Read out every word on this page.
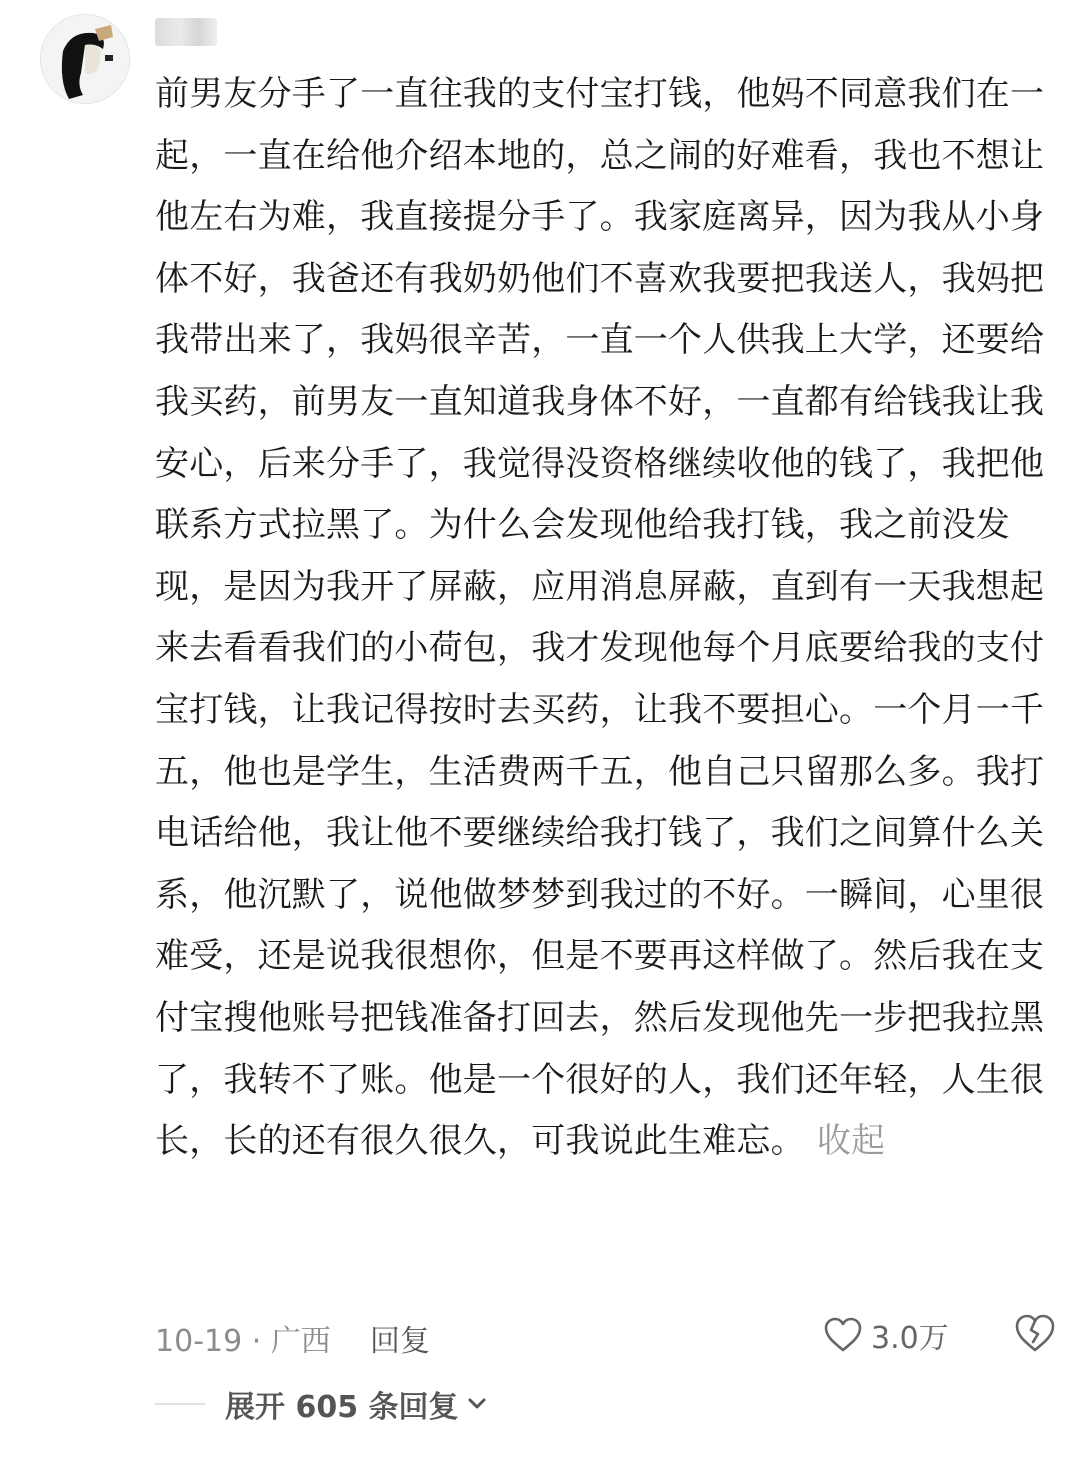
前男友分手了一直往我的支付宝打钱，他妈不同意我们在一起，一直在给他介绍本地的，总之闹的好难看，我也不想让他左右为难，我直接提分手了。我家庭离异，因为我从小身体不好，我爸还有我奶奶他们不喜欢我要把我送人，我妈把我带出来了，我妈很辛苦，一直一个人供我上大学，还要给我买药，前男友一直知道我身体不好，一直都有给钱我让我安心，后来分手了，我觉得没资格继续收他的钱了，我把他联系方式拉黑了。为什么会发现他给我打钱，我之前没发现，是因为我开了屏蔽，应用消息屏蔽，直到有一天我想起来去看看我们的小荷包，我才发现他每个月底要给我的支付宝打钱，让我记得按时去买药，让我不要担心。一个月一千五，他也是学生，生活费两千五，他自己只留那么多。我打电话给他，我让他不要继续给我打钱了，我们之间算什么关系，他沉默了，说他做梦梦到我过的不好。一瞬间，心里很难受，还是说我很想你，但是不要再这样做了。然后我在支付宝搜他账号把钱准备打回去，然后发现他先一步把我拉黑了，我转不了账。他是一个很好的人，我们还年轻，人生很长，长的还有很久很久，可我说此生难忘。 收起
10-19 · 广西 回复	3.0万
展开 605 条回复
